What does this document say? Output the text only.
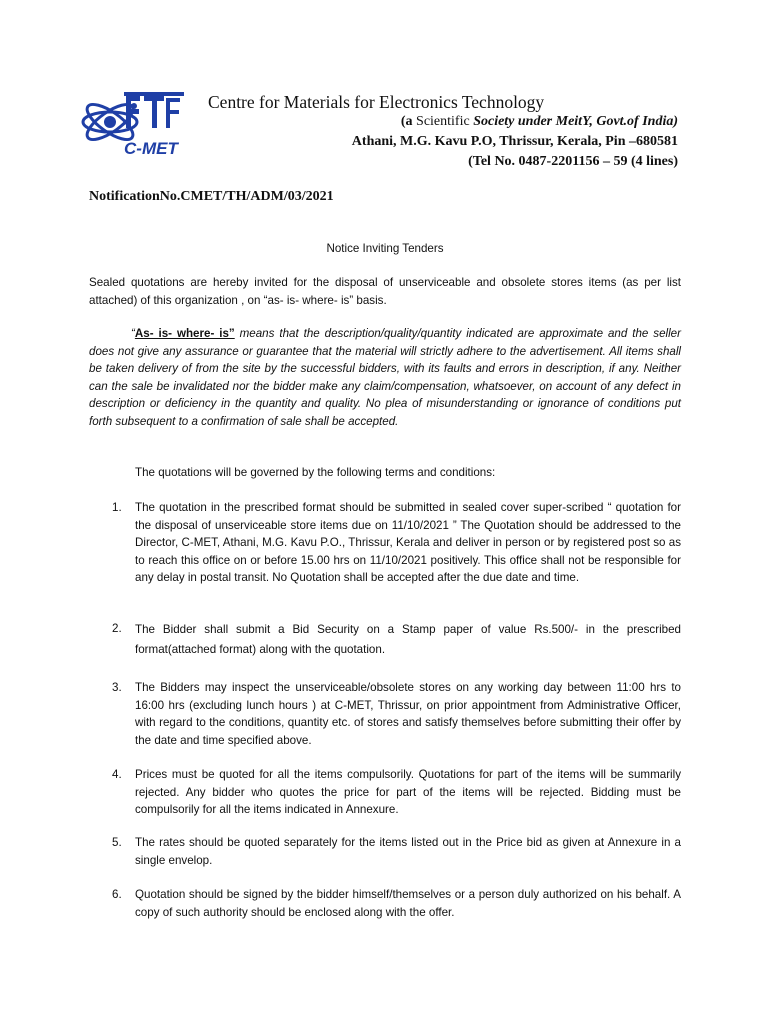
C-MET
Centre for Materials for Electronics Technology
(a Scientific Society under MeitY, Govt.of India)
Athani, M.G. Kavu P.O, Thrissur, Kerala, Pin –680581
(Tel No. 0487-2201156 – 59 (4 lines)
NotificationNo.CMET/TH/ADM/03/2021
Notice Inviting Tenders
Sealed quotations are hereby invited for the disposal of unserviceable and obsolete stores items (as per list attached) of this organization , on “as- is- where- is” basis.
“As- is- where- is” means that the description/quality/quantity indicated are approximate and the seller does not give any assurance or guarantee that the material will strictly adhere to the advertisement. All items shall be taken delivery of from the site by the successful bidders, with its faults and errors in description, if any. Neither can the sale be invalidated nor the bidder make any claim/compensation, whatsoever, on account of any defect in description or deficiency in the quantity and quality. No plea of misunderstanding or ignorance of conditions put forth subsequent to a confirmation of sale shall be accepted.
The quotations will be governed by the following terms and conditions:
1. The quotation in the prescribed format should be submitted in sealed cover super-scribed “ quotation for the disposal of unserviceable store items due on 11/10/2021 ” The Quotation should be addressed to the Director, C-MET, Athani, M.G. Kavu P.O., Thrissur, Kerala and deliver in person or by registered post so as to reach this office on or before 15.00 hrs on 11/10/2021 positively. This office shall not be responsible for any delay in postal transit. No Quotation shall be accepted after the due date and time.
2. The Bidder shall submit a Bid Security on a Stamp paper of value Rs.500/- in the prescribed format(attached format) along with the quotation.
3. The Bidders may inspect the unserviceable/obsolete stores on any working day between 11:00 hrs to 16:00 hrs (excluding lunch hours ) at C-MET, Thrissur, on prior appointment from Administrative Officer, with regard to the conditions, quantity etc. of stores and satisfy themselves before submitting their offer by the date and time specified above.
4. Prices must be quoted for all the items compulsorily. Quotations for part of the items will be summarily rejected. Any bidder who quotes the price for part of the items will be rejected. Bidding must be compulsorily for all the items indicated in Annexure.
5. The rates should be quoted separately for the items listed out in the Price bid as given at Annexure in a single envelop.
6. Quotation should be signed by the bidder himself/themselves or a person duly authorized on his behalf. A copy of such authority should be enclosed along with the offer.
